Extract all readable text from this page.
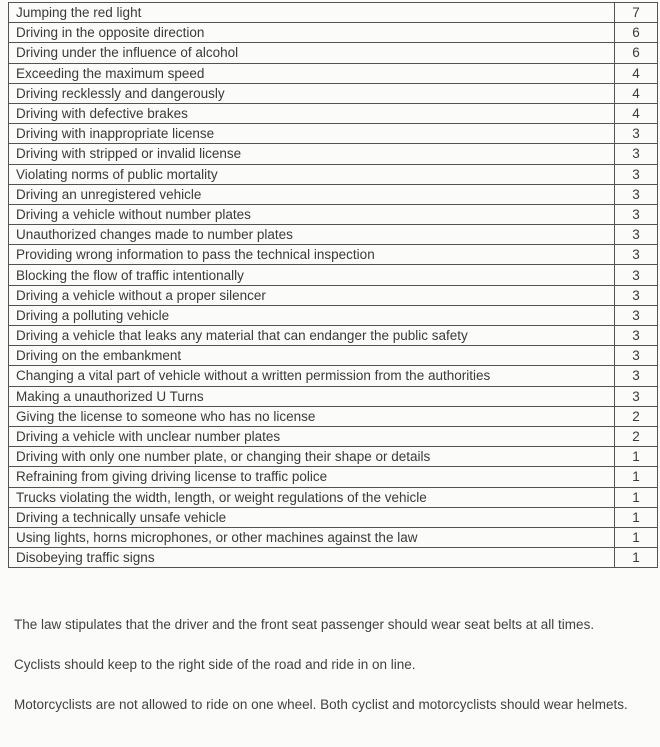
Jumping the red light	7
Driving in the opposite direction	6
Driving under the influence of alcohol	6
Exceeding the maximum speed	4
Driving recklessly and dangerously	4
Driving with defective brakes	4
Driving with inappropriate license	3
Driving with stripped or invalid license	3
Violating norms of public mortality	3
Driving an unregistered vehicle	3
Driving a vehicle without number plates	3
Unauthorized changes made to number plates	3
Providing wrong information to pass the technical inspection	3
Blocking the flow of traffic intentionally	3
Driving a vehicle without a proper silencer	3
Driving a polluting vehicle	3
Driving a vehicle that leaks any material that can endanger the public safety	3
Driving on the embankment	3
Changing a vital part of vehicle without a written permission from the authorities	3
Making a unauthorized U Turns	3
Giving the license to someone who has no license	2
Driving a vehicle with unclear number plates	2
Driving with only one number plate, or changing their shape or details	1
Refraining from giving driving license to traffic police	1
Trucks violating the width, length, or weight regulations of the vehicle	1
Driving a technically unsafe vehicle	1
Using lights, horns microphones, or other machines against the law	1
Disobeying traffic signs	1

The law stipulates that the driver and the front seat passenger should wear seat belts at all times.

Cyclists should keep to the right side of the road and ride in on line.

Motorcyclists are not allowed to ride on one wheel. Both cyclist and motorcyclists should wear helmets.
